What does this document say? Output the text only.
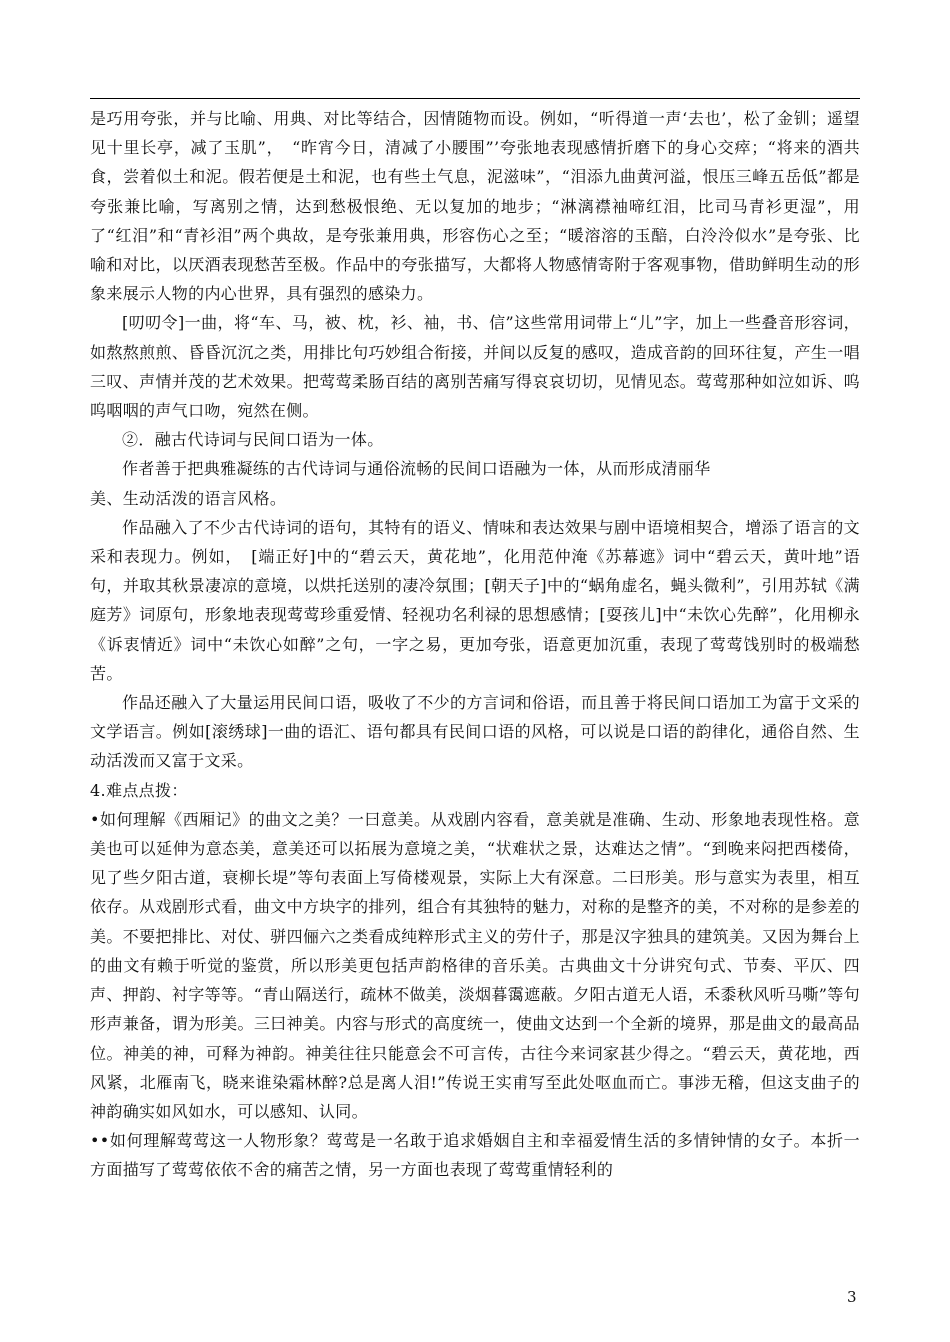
是巧用夸张，并与比喻、用典、对比等结合，因情随物而设。例如，“听得道一声‘去也’，松了金钏；遥望见十里长亭，减了玉肌”，　“昨宵今日，清减了小腰围”’夸张地表现感情折磨下的身心交瘁；“将来的酒共食，尝着似土和泥。假若便是土和泥，也有些土气息，泥滋味”，“泪添九曲黄河溢，恨压三峰五岳低”都是夸张兼比喻，写离别之情，达到愁极恨绝、无以复加的地步；“淋漓襟袖啼红泪，比司马青衫更湿”，用了“红泪”和“青衫泪”两个典故，是夸张兼用典，形容伤心之至；“暖溶溶的玉醅，白泠泠似水”是夸张、比喻和对比，以厌酒表现愁苦至极。作品中的夸张描写，大都将人物感情寄附于客观事物，借助鲜明生动的形象来展示人物的内心世界，具有强烈的感染力。

[叨叨令]一曲，将“车、马，被、枕，衫、袖，书、信”这些常用词带上“儿”字，加上一些叠音形容词，如熬熬煎煎、昏昏沉沉之类，用排比句巧妙组合衔接，并间以反复的感叹，造成音韵的回环往复，产生一唱三叹、声情并茂的艺术效果。把莺莺柔肠百结的离别苦痛写得哀哀切切，见情见态。莺莺那种如泣如诉、呜呜咽咽的声气口吻，宛然在侧。

②．融古代诗词与民间口语为一体。

作者善于把典雅凝练的古代诗词与通俗流畅的民间口语融为一体，从而形成清丽华

美、生动活泼的语言风格。

作品融入了不少古代诗词的语句，其特有的语义、情味和表达效果与剧中语境相契合，增添了语言的文采和表现力。例如，　[端正好]中的“碧云天，黄花地”，化用范仲淹《苏幕遮》词中“碧云天，黄叶地”语句，并取其秋景凄凉的意境，以烘托送别的凄冷氛围；[朝天子]中的“蜗角虚名，蝇头微利”，引用苏轼《满庭芳》词原句，形象地表现莺莺珍重爱情、轻视功名利禄的思想感情；[耍孩儿]中“未饮心先醉”，化用柳永《诉衷情近》词中“未饮心如醉”之句，一字之易，更加夸张，语意更加沉重，表现了莺莺饯别时的极端愁苦。

作品还融入了大量运用民间口语，吸收了不少的方言词和俗语，而且善于将民间口语加工为富于文采的文学语言。例如[滚绣球]一曲的语汇、语句都具有民间口语的风格，可以说是口语的韵律化，通俗自然、生动活泼而又富于文采。

4.难点点拨：

•如何理解《西厢记》的曲文之美？一曰意美。从戏剧内容看，意美就是准确、生动、形象地表现性格。意美也可以延伸为意态美，意美还可以拓展为意境之美，“状难状之景，达难达之情”。“到晚来闷把西楼倚，见了些夕阳古道，衰柳长堤”等句表面上写倚楼观景，实际上大有深意。二曰形美。形与意实为表里，相互依存。从戏剧形式看，曲文中方块字的排列，组合有其独特的魅力，对称的是整齐的美，不对称的是参差的美。不要把排比、对仗、骈四俪六之类看成纯粹形式主义的劳什子，那是汉字独具的建筑美。又因为舞台上的曲文有赖于听觉的鉴赏，所以形美更包括声韵格律的音乐美。古典曲文十分讲究句式、节奏、平仄、四声、押韵、衬字等等。“青山隔送行，疏林不做美，淡烟暮霭遮蔽。夕阳古道无人语，禾黍秋风听马嘶”等句形声兼备，谓为形美。三曰神美。内容与形式的高度统一，使曲文达到一个全新的境界，那是曲文的最高品位。神美的神，可释为神韵。神美往往只能意会不可言传，古往今来词家甚少得之。“碧云天，黄花地，西风紧，北雁南飞，晓来谁染霜林醉?总是离人泪!”传说王实甫写至此处呕血而亡。事涉无稽，但这支曲子的神韵确实如风如水，可以感知、认同。

••如何理解莺莺这一人物形象？莺莺是一名敢于追求婚姻自主和幸福爱情生活的多情钟情的女子。本折一方面描写了莺莺依依不舍的痛苦之情，另一方面也表现了莺莺重情轻利的

3
